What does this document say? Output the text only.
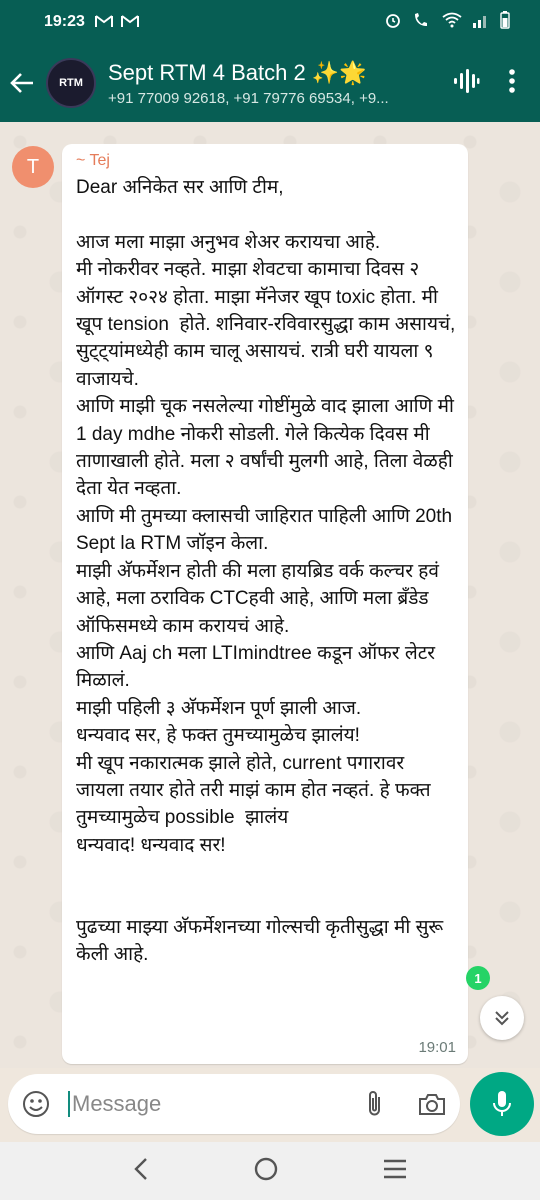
19:23
RTM Sept RTM 4 Batch 2 ✨🌟
+91 77009 92618, +91 79776 69534, +9...
T ~ Tej
Dear अनिकेत सर आणि टीम,

आज मला माझा अनुभव शेअर करायचा आहे.
मी नोकरीवर नव्हते. माझा शेवटचा कामाचा दिवस २ ऑगस्ट २०२४ होता. माझा मॅनेजर खूप toxic होता. मी खूप tension  होते. शनिवार-रविवारसुद्धा काम असायचं, सुट्ट्यांमध्येही काम चालू असायचं. रात्री घरी यायला ९ वाजायचे.
आणि माझी चूक नसलेल्या गोष्टींमुळे वाद झाला आणि मी 1 day mdhe नोकरी सोडली. गेले कित्येक दिवस मी ताणाखाली होते. मला २ वर्षांची मुलगी आहे, तिला वेळही देता येत नव्हता.
आणि मी तुमच्या क्लासची जाहिरात पाहिली आणि 20th Sept la RTM जॉइन केला.
माझी अ‍ॅफर्मेशन होती की मला हायब्रिड वर्क कल्चर हवं आहे, मला ठराविक CTCहवी आहे, आणि मला ब्रँडेड ऑफिसमध्ये काम करायचं आहे.
आणि Aaj ch मला LTImindtree कडून ऑफर लेटर मिळालं.
माझी पहिली ३ अ‍ॅफर्मेशन पूर्ण झाली आज.
धन्यवाद सर, हे फक्त तुमच्यामुळेच झालंय!
मी खूप नकारात्मक झाले होते, current पगारावर जायला तयार होते तरी माझं काम होत नव्हतं. हे फक्त तुमच्यामुळेच possible  झालंय
धन्यवाद! धन्यवाद सर!

पुढच्या माझ्या अ‍ॅफर्मेशनच्या गोल्सची कृतीसुद्धा मी सुरू केली आहे.
19:01
1
Message
